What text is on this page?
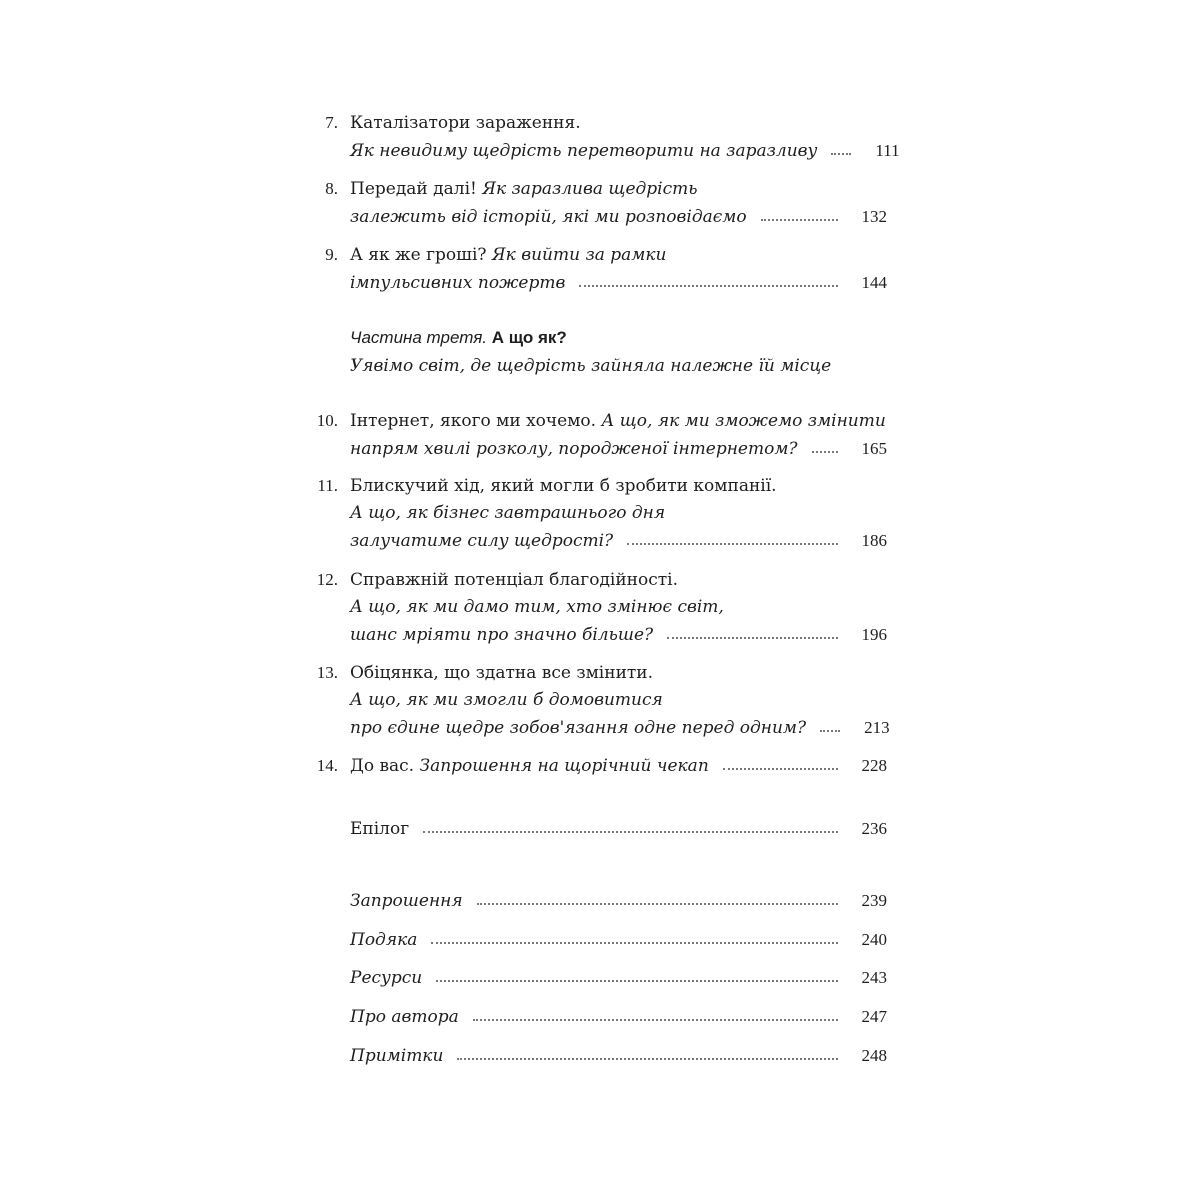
7. Каталізатори зараження.
Як невидиму щедрість перетворити на заразливу	111
8. Передай далі! Як заразлива щедрість
залежить від історій, які ми розповідаємо	132
9. А як же гроші? Як вийти за рамки
імпульсивних пожертв	144
Частина третя. А що як?
Уявімо світ, де щедрість зайняла належне їй місце
10. Інтернет, якого ми хочемо. А що, як ми зможемо змінити
напрям хвилі розколу, породженої інтернетом?	165
11. Блискучий хід, який могли б зробити компанії.
А що, як бізнес завтрашнього дня
залучатиме силу щедрості?	186
12. Справжній потенціал благодійності.
А що, як ми дамо тим, хто змінює світ,
шанс мріяти про значно більше?	196
13. Обіцянка, що здатна все змінити.
А що, як ми змогли б домовитися
про єдине щедре зобов'язання одне перед одним?	213
14. До вас. Запрошення на щорічний чекап	228
Епілог	236
Запрошення	239
Подяка	240
Ресурси	243
Про автора	247
Примітки	248
